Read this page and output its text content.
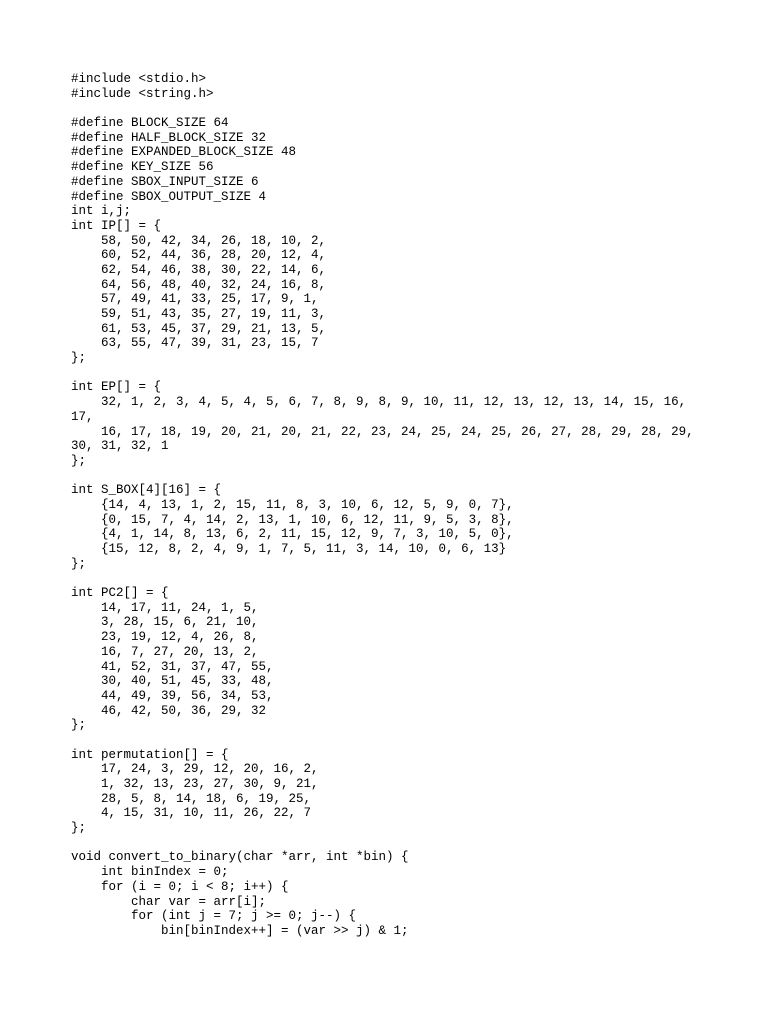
#include <stdio.h>
#include <string.h>
#define BLOCK_SIZE 64
#define HALF_BLOCK_SIZE 32
#define EXPANDED_BLOCK_SIZE 48
#define KEY_SIZE 56
#define SBOX_INPUT_SIZE 6
#define SBOX_OUTPUT_SIZE 4
int i,j;
int IP[] = {
58, 50, 42, 34, 26, 18, 10, 2,
60, 52, 44, 36, 28, 20, 12, 4,
62, 54, 46, 38, 30, 22, 14, 6,
64, 56, 48, 40, 32, 24, 16, 8,
57, 49, 41, 33, 25, 17, 9, 1,
59, 51, 43, 35, 27, 19, 11, 3,
61, 53, 45, 37, 29, 21, 13, 5,
63, 55, 47, 39, 31, 23, 15, 7
};
int EP[] = {
32, 1, 2, 3, 4, 5, 4, 5, 6, 7, 8, 9, 8, 9, 10, 11, 12, 13, 12, 13, 14, 15, 16,
17,
16, 17, 18, 19, 20, 21, 20, 21, 22, 23, 24, 25, 24, 25, 26, 27, 28, 29, 28, 29,
30, 31, 32, 1
};
int S_BOX[4][16] = {
{14, 4, 13, 1, 2, 15, 11, 8, 3, 10, 6, 12, 5, 9, 0, 7},
{0, 15, 7, 4, 14, 2, 13, 1, 10, 6, 12, 11, 9, 5, 3, 8},
{4, 1, 14, 8, 13, 6, 2, 11, 15, 12, 9, 7, 3, 10, 5, 0},
{15, 12, 8, 2, 4, 9, 1, 7, 5, 11, 3, 14, 10, 0, 6, 13}
};
int PC2[] = {
14, 17, 11, 24, 1, 5,
3, 28, 15, 6, 21, 10,
23, 19, 12, 4, 26, 8,
16, 7, 27, 20, 13, 2,
41, 52, 31, 37, 47, 55,
30, 40, 51, 45, 33, 48,
44, 49, 39, 56, 34, 53,
46, 42, 50, 36, 29, 32
};
int permutation[] = {
17, 24, 3, 29, 12, 20, 16, 2,
1, 32, 13, 23, 27, 30, 9, 21,
28, 5, 8, 14, 18, 6, 19, 25,
4, 15, 31, 10, 11, 26, 22, 7
};
void convert_to_binary(char *arr, int *bin) {
int binIndex = 0;
for (i = 0; i < 8; i++) {
char var = arr[i];
for (int j = 7; j >= 0; j--) {
bin[binIndex++] = (var >> j) & 1;
